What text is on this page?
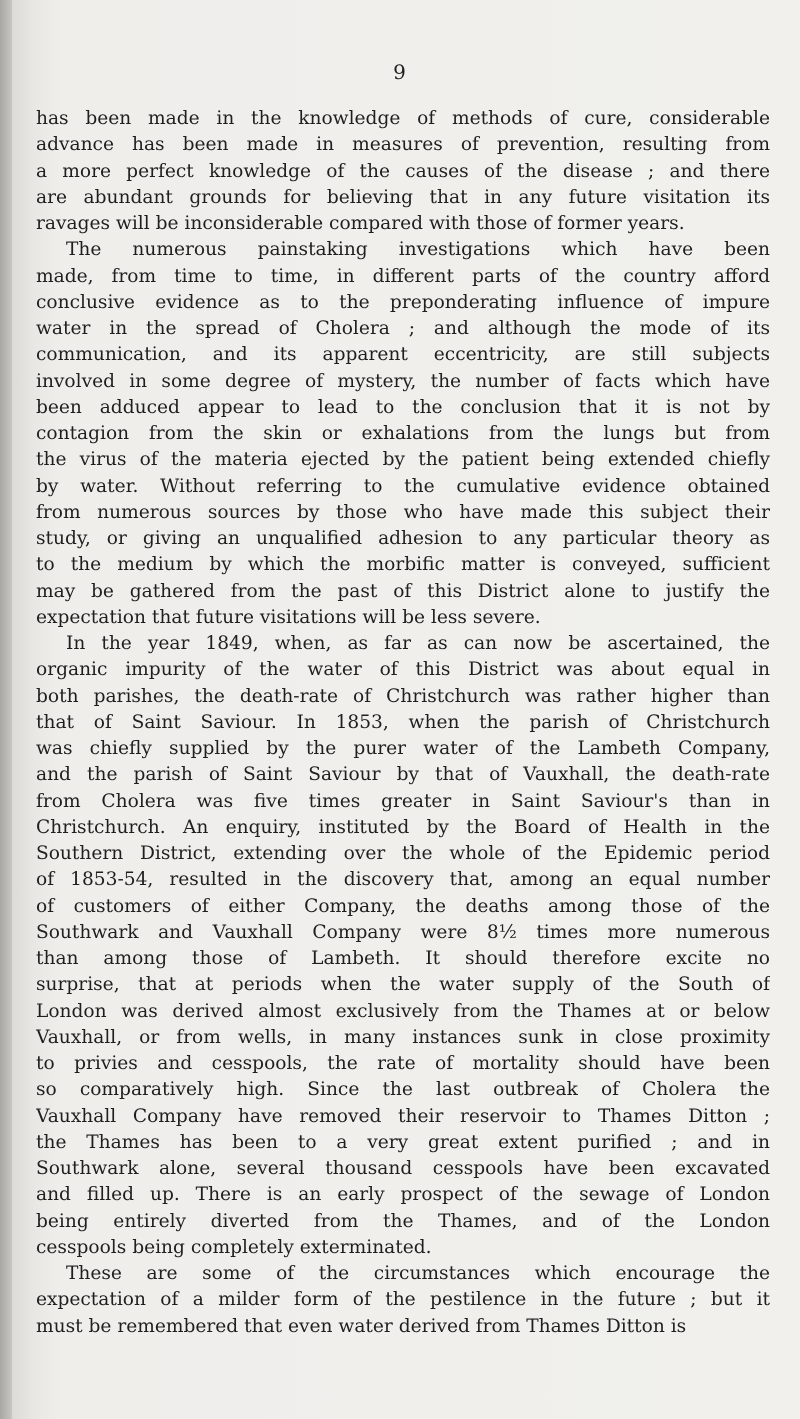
9
has been made in the knowledge of methods of cure, considerable
advance has been made in measures of prevention, resulting from
a more perfect knowledge of the causes of the disease ; and there
are abundant grounds for believing that in any future visitation its
ravages will be inconsiderable compared with those of former years.
The numerous painstaking investigations which have been
made, from time to time, in different parts of the country afford
conclusive evidence as to the preponderating influence of impure
water in the spread of Cholera ; and although the mode of its
communication, and its apparent eccentricity, are still subjects
involved in some degree of mystery, the number of facts which have
been adduced appear to lead to the conclusion that it is not by
contagion from the skin or exhalations from the lungs but from
the virus of the materia ejected by the patient being extended chiefly
by water. Without referring to the cumulative evidence obtained
from numerous sources by those who have made this subject their
study, or giving an unqualified adhesion to any particular theory as
to the medium by which the morbific matter is conveyed, sufficient
may be gathered from the past of this District alone to justify the
expectation that future visitations will be less severe.
In the year 1849, when, as far as can now be ascertained, the
organic impurity of the water of this District was about equal in
both parishes, the death-rate of Christchurch was rather higher than
that of Saint Saviour. In 1853, when the parish of Christchurch
was chiefly supplied by the purer water of the Lambeth Company,
and the parish of Saint Saviour by that of Vauxhall, the death-rate
from Cholera was five times greater in Saint Saviour's than in
Christchurch. An enquiry, instituted by the Board of Health in the
Southern District, extending over the whole of the Epidemic period
of 1853-54, resulted in the discovery that, among an equal number
of customers of either Company, the deaths among those of the
Southwark and Vauxhall Company were 8½ times more numerous
than among those of Lambeth. It should therefore excite no
surprise, that at periods when the water supply of the South of
London was derived almost exclusively from the Thames at or below
Vauxhall, or from wells, in many instances sunk in close proximity
to privies and cesspools, the rate of mortality should have been
so comparatively high. Since the last outbreak of Cholera the
Vauxhall Company have removed their reservoir to Thames Ditton ;
the Thames has been to a very great extent purified ; and in
Southwark alone, several thousand cesspools have been excavated
and filled up. There is an early prospect of the sewage of London
being entirely diverted from the Thames, and of the London
cesspools being completely exterminated.
These are some of the circumstances which encourage the
expectation of a milder form of the pestilence in the future ; but it
must be remembered that even water derived from Thames Ditton is
